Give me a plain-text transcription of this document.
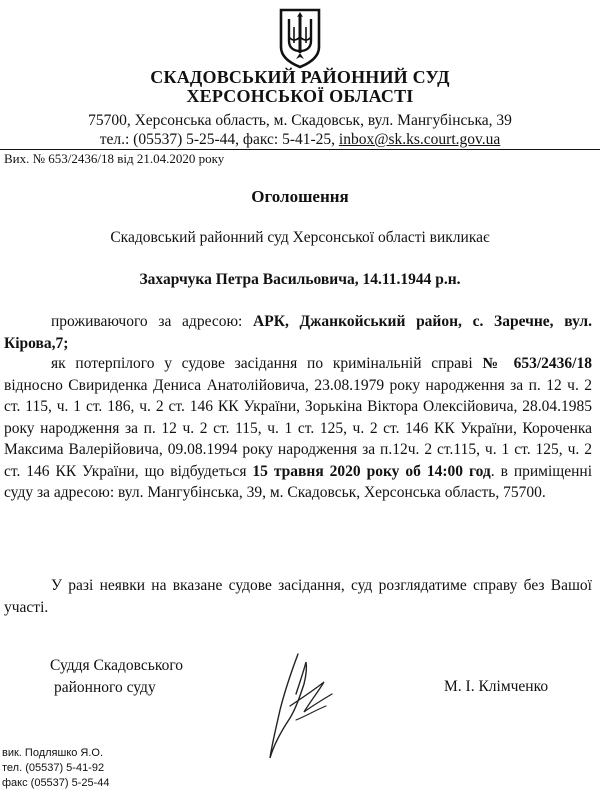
СКАДОВСЬКИЙ РАЙОННИЙ СУД
ХЕРСОНСЬКОЇ ОБЛАСТІ
75700, Херсонська область, м. Скадовськ, вул. Мангубінська, 39
тел.: (05537) 5-25-44, факс: 5-41-25, inbox@sk.ks.court.gov.ua
Вих. № 653/2436/18 від 21.04.2020 року
Оголошення
Скадовський районний суд Херсонської області викликає
Захарчука Петра Васильовича, 14.11.1944 р.н.
проживаючого за адресою: АРК, Джанкойський район, с. Заречне, вул. Кірова,7;
як потерпілого у судове засідання по кримінальній справі № 653/2436/18 відносно Свириденка Дениса Анатолійовича, 23.08.1979 року народження за п. 12 ч. 2 ст. 115, ч. 1 ст. 186, ч. 2 ст. 146 КК України, Зорькіна Віктора Олексійовича, 28.04.1985 року народження за п. 12 ч. 2 ст. 115, ч. 1 ст. 125, ч. 2 ст. 146 КК України, Короченка Максима Валерійовича, 09.08.1994 року народження за п.12ч. 2 ст.115, ч. 1 ст. 125, ч. 2 ст. 146 КК України, що відбудеться 15 травня 2020 року об 14:00 год. в приміщенні суду за адресою: вул. Мангубінська, 39, м. Скадовськ, Херсонська область, 75700.
У разі неявки на вказане судове засідання, суд розглядатиме справу без Вашої участі.
Суддя Скадовського
районного суду	М. І. Клімченко
вик. Подляшко Я.О.
тел. (05537) 5-41-92
факс (05537) 5-25-44
